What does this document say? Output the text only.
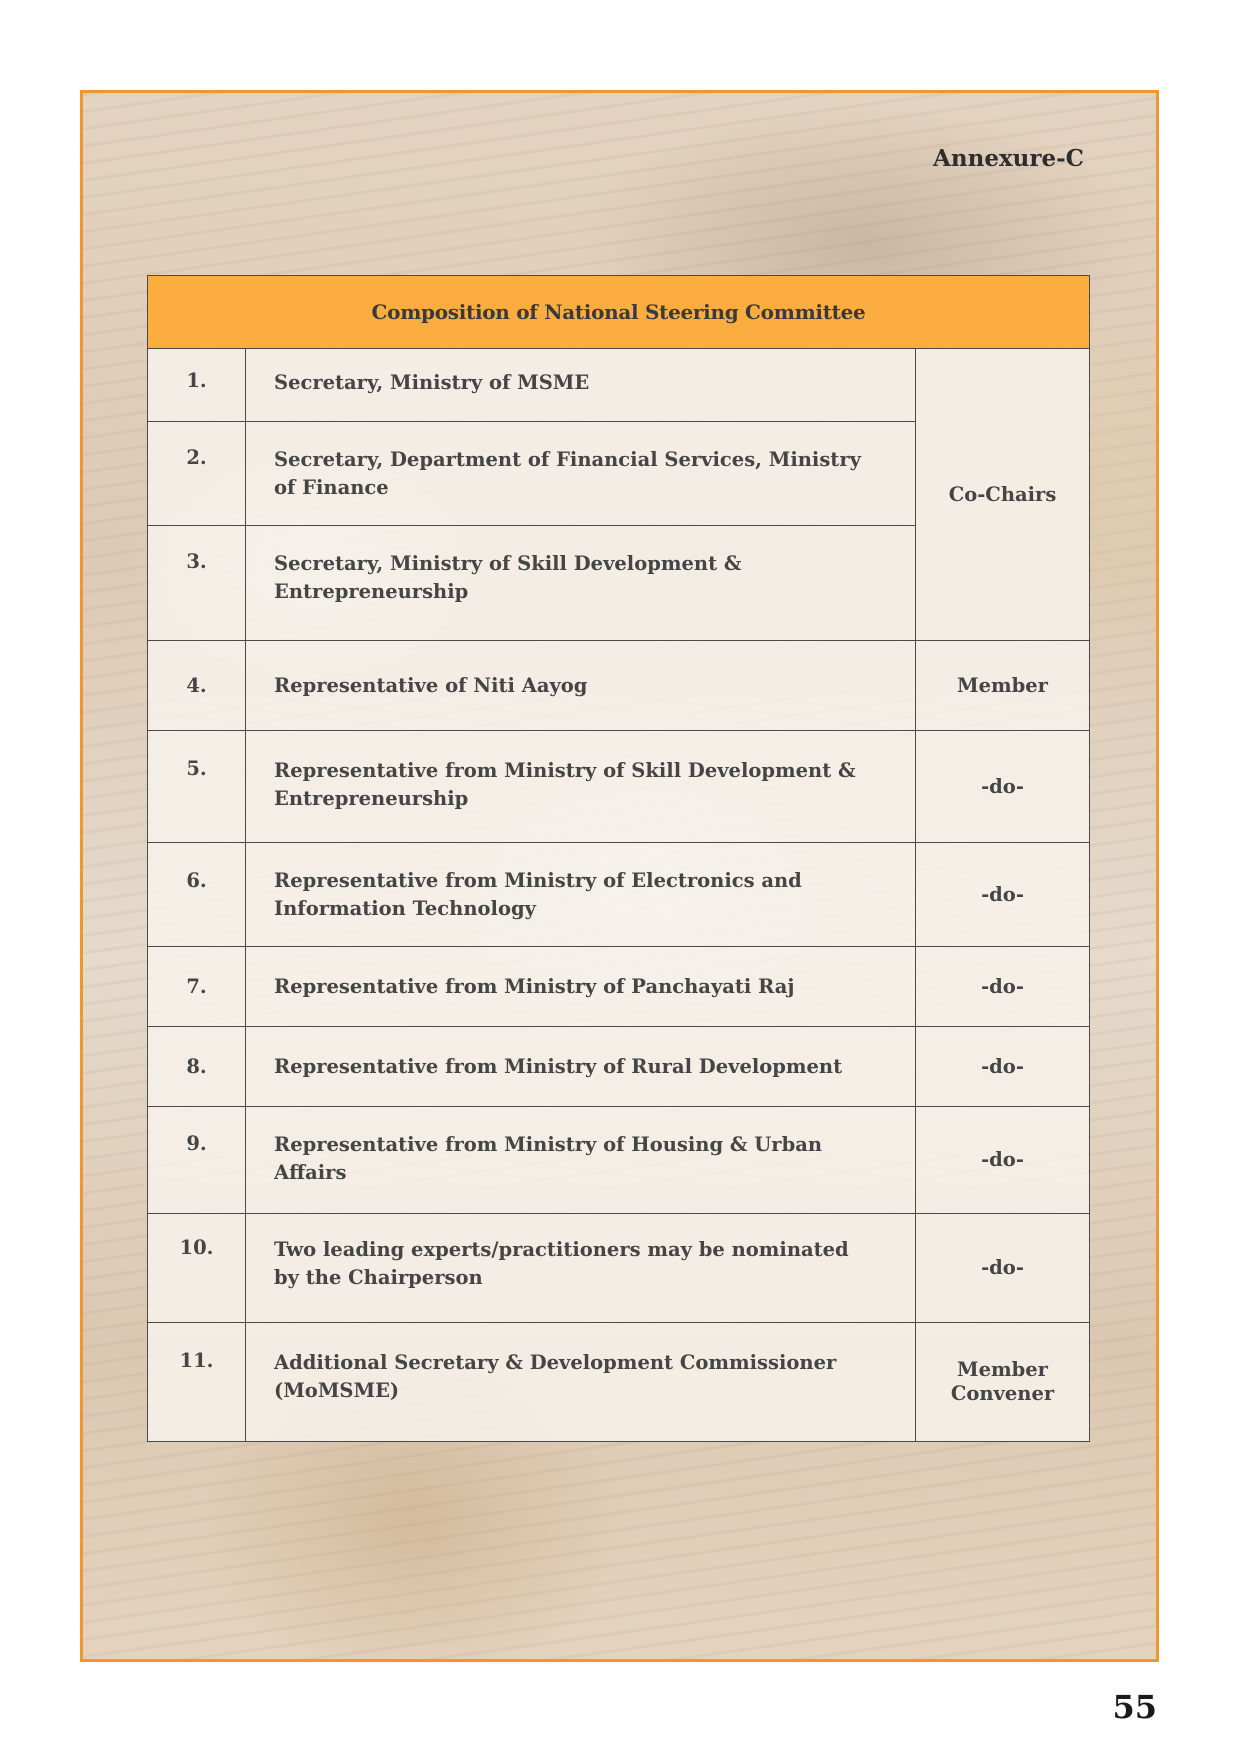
Annexure-C
Composition of National Steering Committee		
1.	Secretary, Ministry of MSME	Co-Chairs
2.	Secretary, Department of Financial Services, Ministry of Finance	
3.	Secretary, Ministry of Skill Development & Entrepreneurship	
4.	Representative of Niti Aayog	Member
5.	Representative from Ministry of Skill Development & Entrepreneurship	-do-
6.	Representative from Ministry of Electronics and Information Technology	-do-
7.	Representative from Ministry of Panchayati Raj	-do-
8.	Representative from Ministry of Rural Development	-do-
9.	Representative from Ministry of Housing & Urban Affairs	-do-
10.	Two leading experts/practitioners may be nominated by the Chairperson	-do-
11.	Additional Secretary & Development Commissioner (MoMSME)	Member
Convener
55
